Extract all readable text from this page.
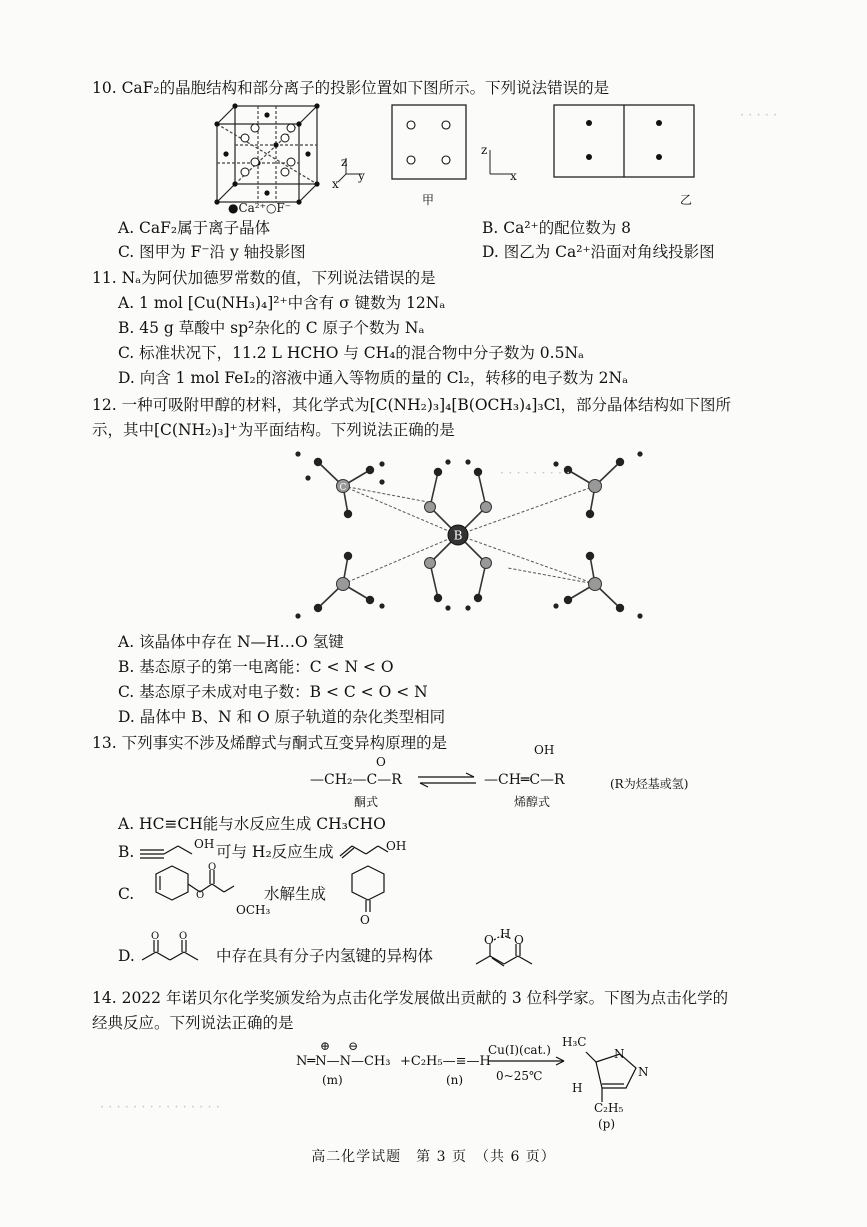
10. CaF₂的晶胞结构和部分离子的投影位置如下图所示。下列说法错误的是
●Ca²⁺○F⁻
z
y
x
甲
z
x
乙
A. CaF₂属于离子晶体	B. Ca²⁺的配位数为 8
C. 图甲为 F⁻沿 y 轴投影图	D. 图乙为 Ca²⁺沿面对角线投影图
11. Nₐ为阿伏加德罗常数的值，下列说法错误的是
A. 1 mol [Cu(NH₃)₄]²⁺中含有 σ 键数为 12Nₐ
B. 45 g 草酸中 sp²杂化的 C 原子个数为 Nₐ
C. 标准状况下，11.2 L HCHO 与 CH₄的混合物中分子数为 0.5Nₐ
D. 向含 1 mol FeI₂的溶液中通入等物质的量的 Cl₂，转移的电子数为 2Nₐ
12. 一种可吸附甲醇的材料，其化学式为[C(NH₂)₃]₄[B(OCH₃)₄]₃Cl，部分晶体结构如下图所
示，其中[C(NH₂)₃]⁺为平面结构。下列说法正确的是
B
C
A. 该晶体中存在 N—H…O 氢键
B. 基态原子的第一电离能：C < N < O
C. 基态原子未成对电子数：B < C < O < N
D. 晶体中 B、N 和 O 原子轨道的杂化类型相同
13. 下列事实不涉及烯醇式与酮式互变异构原理的是
O
OH
—CH₂—C—R	—CH═C—R	(R为烃基或氢)
酮式	烯醇式
A. HC≡CH能与水反应生成 CH₃CHO
B.	OH 可与 H₂反应生成	OH
C.	O
O
OCH₃
水解生成
O
D.
O O
中存在具有分子内氢键的异构体
O H O
14. 2022 年诺贝尔化学奖颁发给为点击化学发展做出贡献的 3 位科学家。下图为点击化学的
经典反应。下列说法正确的是
⊕ ⊖
N═N—N—CH₃
(m)
+C₂H₅—≡—H
(n)
Cu(Ⅰ)(cat.)
0~25℃
H₃C
N
N
H
C₂H₅
(p)
· · · · ·
· · · · · · · · ·
· · · · · · · · · · · · · · ·
高二化学试题　第 3 页　（共 6 页）
